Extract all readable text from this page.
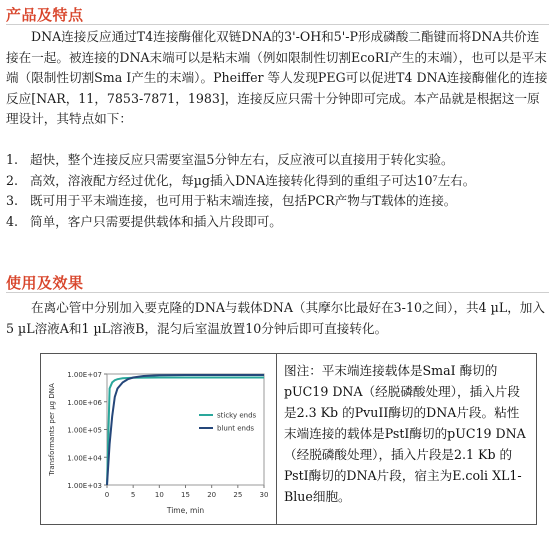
产品及特点

DNA连接反应通过T4连接酶催化双链DNA的3'-OH和5'-P形成磷酸二酯键而将DNA共价连接在一起。被连接的DNA末端可以是粘末端（例如限制性切割EcoRI产生的末端），也可以是平末端（限制性切割Sma I产生的末端）。Pheiffer 等人发现PEG可以促进T4 DNA连接酶催化的连接反应[NAR，11，7853-7871，1983]，连接反应只需十分钟即可完成。本产品就是根据这一原理设计，其特点如下：

1. 超快，整个连接反应只需要室温5分钟左右，反应液可以直接用于转化实验。
2. 高效，溶液配方经过优化，每µg插入DNA连接转化得到的重组子可达10⁷左右。
3. 既可用于平末端连接，也可用于粘末端连接，包括PCR产物与T载体的连接。
4. 简单，客户只需要提供载体和插入片段即可。
使用及效果

在离心管中分别加入要克隆的DNA与载体DNA（其摩尔比最好在3-10之间），共4 µL，加入5 µL溶液A和1 µL溶液B，混匀后室温放置10分钟后即可直接转化。

1.00E+03
1.00E+04
1.00E+05
1.00E+06
1.00E+07
0	5	10 15 20 25 30
Time, min
Transformants per µg DNA	sticky ends
blunt ends
图注：平末端连接载体是SmaI 酶切的pUC19 DNA（经脱磷酸处理），插入片段是2.3 Kb 的PvuII酶切的DNA片段。粘性末端连接的载体是PstI酶切的pUC19 DNA（经脱磷酸处理），插入片段是2.1 Kb 的PstI酶切的DNA片段，宿主为E.coli XL1-Blue细胞。
